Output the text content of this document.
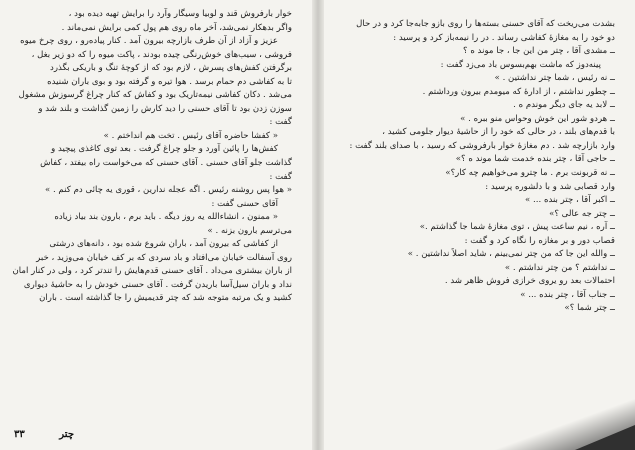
خوار بارفروش قند و لوبیا وسیگار وآرد را برایش تهیه دیده بود ،
واگر بدهکار نمی‌شد، آخر ماه روی هم پول کمی برایش نمی‌ماند .
عزیز و آزاد از آن طرف بازارچه بیرون آمد . کنار پیاده‌رو ، روی چرخ میوه
فروشی ، سیب‌های خوش‌رنگی چیده بودند ، پاکت میوه را که دو زیر بغل ،
برگرفتن کفش‌های پسرش ، لازم بود که از کوچهٔ تنگ و باریکی بگذرد
تا به کفاشی دم حمام برسد . هوا تیره و گرفته بود و بوی باران شنیده
می‌شد . دکان کفاشی نیمه‌تاریک بود و کفاش که کنار چراغ گرسوزش مشغول
سوزن زدن بود تا آقای حسنی را دید کارش را زمین گذاشت و بلند شد و
گفت :
« کفشا حاضره آقای رئیس . تخت هم انداختم . »
کفش‌ها را پائین آورد و جلو چراغ گرفت . بعد توی کاغذی پیچید و
گذاشت جلو آقای حسنی . آقای حسنی که می‌خواست راه بیفتد ، کفاش
گفت :
« هوا پس روشنه رئیس . اگه عجله ندارین ، قوری یه چائی دم کنم . »
آقای حسنی گفت :
« ممنون ، انشاءالله یه روز دیگه . باید برم ، بارون بند بیاد زیاده
می‌ترسم بارون بزنه . »
از کفاشی که بیرون آمد ، باران شروع شده بود ، دانه‌های درشتی
روی آسفالت خیابان می‌افتاد و باد سردی که بر کف خیابان می‌وزید ، خبر
از باران بیشتری می‌داد . آقای حسنی قدم‌هایش را تندتر کرد ، ولی در کنار امان
نداد و باران سیل‌آسا باریدن گرفت . آقای حسنی خودش را به حاشیهٔ دیواری
کشید و یک مرتبه متوجه شد که چتر قدیمیش را جا گذاشته است . باران
۳۳	چتر
بشدت می‌ریخت که آقای حسنی بسته‌ها را روی بازو جابه‌جا کرد و در حال
دو خود را به مغازهٔ کفاشی رساند . در را نیمه‌باز کرد و پرسید :
ــ مشدی آقا ، چتر من این جا ، جا موند ه ؟
پینه‌دوز که ماشت بهم‌بسوس باد می‌زد گفت :
ــ نه رئیس ، شما چتر نداشتین . »
ــ چطور نداشتم ، از ادارهٔ که میومدم بیرون ورداشتم .
ــ لابد یه جای دیگر موندم ه .
ــ هردو شور این خوش وحواس منو ببره . »
با قدم‌های بلند ، در حالی که خود را از حاشیهٔ دیوار جلومی کشید ،
وارد بازارچه شد . دم مغازهٔ خوار بارفروشی که رسید ، با صدای بلند گفت :
ــ حاجی آقا ، چتر بنده خدمت شما موند ه ؟»
ــ نه قربونت برم . ما چترو می‌خواهیم چه کار؟»
وارد قصابی شد و با دلشوره پرسید :
ــ اکبر آقا ، چتر بنده ... »
ــ چتر جه عالی ؟»
ــ آره ، نیم ساعت پیش ، توی مغازهٔ شما جا گذاشتم .»
قصاب دور و بر مغازه را نگاه کرد و گفت :
ــ والله این جا که من چتر نمی‌بینم ، شاید اصلاً نداشتین . »
ــ نداشتم ؟ من چتر نداشتم . »
احتمالات بعد رو یروی خرازی فروش ظاهر شد .
ــ جناب آقا ، چتر بنده ... »
ــ چتر شما ؟»
